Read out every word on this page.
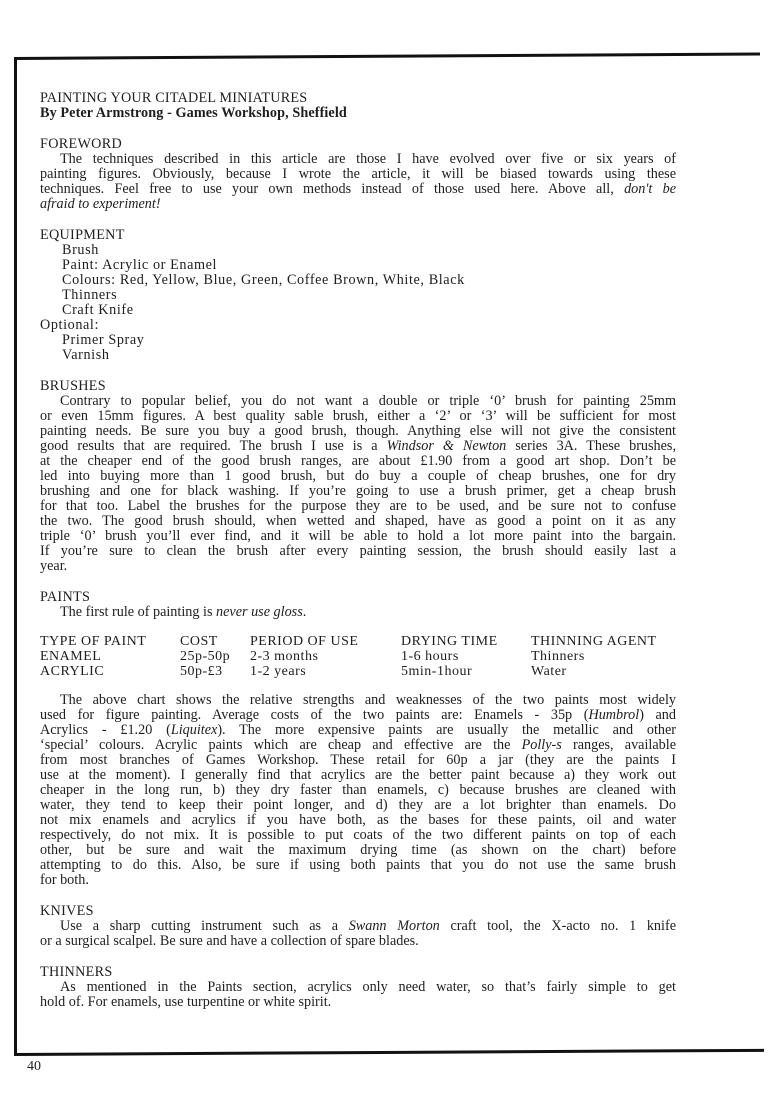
PAINTING YOUR CITADEL MINIATURES
By Peter Armstrong - Games Workshop, Sheffield
FOREWORD
The techniques described in this article are those I have evolved over five or six years of
painting figures. Obviously, because I wrote the article, it will be biased towards using these
techniques. Feel free to use your own methods instead of those used here. Above all, don't be
afraid to experiment!
EQUIPMENT
Brush
Paint: Acrylic or Enamel
Colours: Red, Yellow, Blue, Green, Coffee Brown, White, Black
Thinners
Craft Knife
Optional:
Primer Spray
Varnish
BRUSHES
Contrary to popular belief, you do not want a double or triple ‘0’ brush for painting 25mm
or even 15mm figures. A best quality sable brush, either a ‘2’ or ‘3’ will be sufficient for most
painting needs. Be sure you buy a good brush, though. Anything else will not give the consistent
good results that are required. The brush I use is a Windsor & Newton series 3A. These brushes,
at the cheaper end of the good brush ranges, are about £1.90 from a good art shop. Don’t be
led into buying more than 1 good brush, but do buy a couple of cheap brushes, one for dry
brushing and one for black washing. If you’re going to use a brush primer, get a cheap brush
for that too. Label the brushes for the purpose they are to be used, and be sure not to confuse
the two. The good brush should, when wetted and shaped, have as good a point on it as any
triple ‘0’ brush you’ll ever find, and it will be able to hold a lot more paint into the bargain.
If you’re sure to clean the brush after every painting session, the brush should easily last a
year.
PAINTS
The first rule of painting is never use gloss.
TYPE OF PAINT	COST	PERIOD OF USE	DRYING TIME	THINNING AGENT
ENAMEL	25p-50p	2-3 months	1-6 hours	Thinners
ACRYLIC	50p-£3	1-2 years	5min-1hour	Water
The above chart shows the relative strengths and weaknesses of the two paints most widely
used for figure painting. Average costs of the two paints are: Enamels - 35p (Humbrol) and
Acrylics - £1.20 (Liquitex). The more expensive paints are usually the metallic and other
‘special’ colours. Acrylic paints which are cheap and effective are the Polly-s ranges, available
from most branches of Games Workshop. These retail for 60p a jar (they are the paints I
use at the moment). I generally find that acrylics are the better paint because a) they work out
cheaper in the long run, b) they dry faster than enamels, c) because brushes are cleaned with
water, they tend to keep their point longer, and d) they are a lot brighter than enamels. Do
not mix enamels and acrylics if you have both, as the bases for these paints, oil and water
respectively, do not mix. It is possible to put coats of the two different paints on top of each
other, but be sure and wait the maximum drying time (as shown on the chart) before
attempting to do this. Also, be sure if using both paints that you do not use the same brush
for both.
KNIVES
Use a sharp cutting instrument such as a Swann Morton craft tool, the X-acto no. 1 knife
or a surgical scalpel. Be sure and have a collection of spare blades.
THINNERS
As mentioned in the Paints section, acrylics only need water, so that’s fairly simple to get
hold of. For enamels, use turpentine or white spirit.
40
